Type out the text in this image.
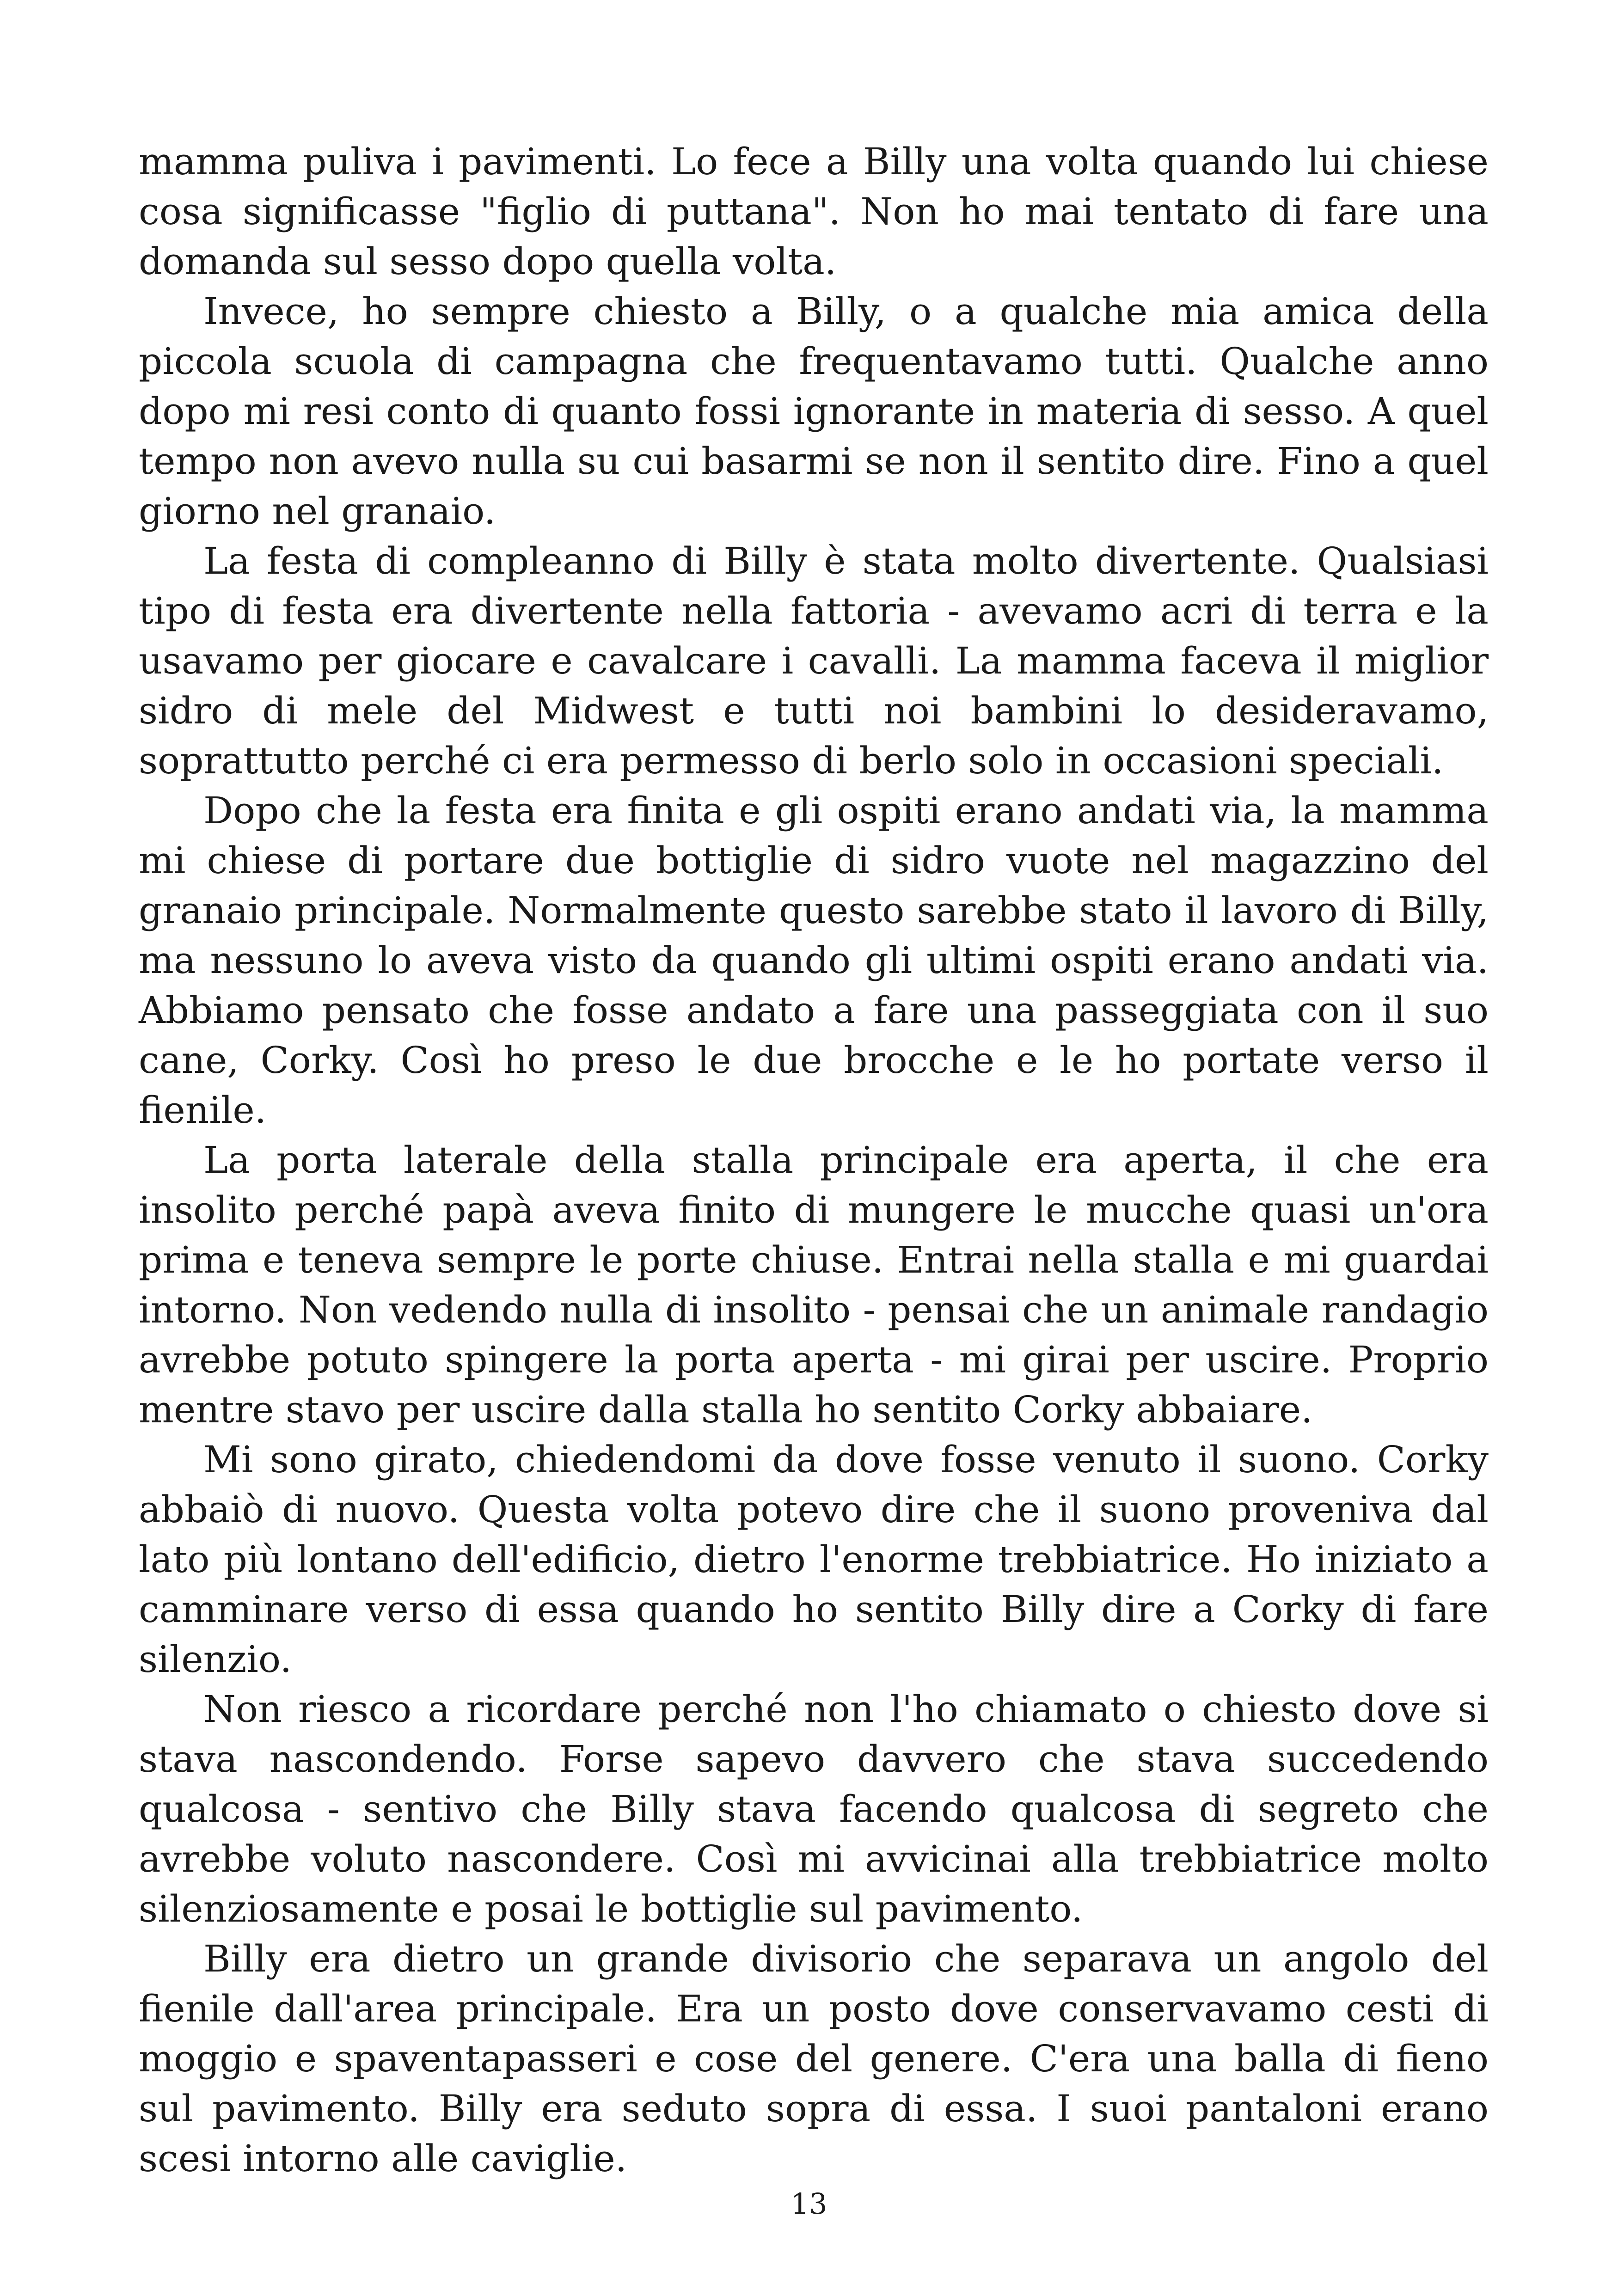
mamma puliva i pavimenti. Lo fece a Billy una volta quando lui chiese cosa significasse "figlio di puttana". Non ho mai tentato di fare una domanda sul sesso dopo quella volta.

Invece, ho sempre chiesto a Billy, o a qualche mia amica della piccola scuola di campagna che frequentavamo tutti. Qualche anno dopo mi resi conto di quanto fossi ignorante in materia di sesso. A quel tempo non avevo nulla su cui basarmi se non il sentito dire. Fino a quel giorno nel granaio.

La festa di compleanno di Billy è stata molto divertente. Qualsiasi tipo di festa era divertente nella fattoria - avevamo acri di terra e la usavamo per giocare e cavalcare i cavalli. La mamma faceva il miglior sidro di mele del Midwest e tutti noi bambini lo desideravamo, soprattutto perché ci era permesso di berlo solo in occasioni speciali.

Dopo che la festa era finita e gli ospiti erano andati via, la mamma mi chiese di portare due bottiglie di sidro vuote nel magazzino del granaio principale. Normalmente questo sarebbe stato il lavoro di Billy, ma nessuno lo aveva visto da quando gli ultimi ospiti erano andati via. Abbiamo pensato che fosse andato a fare una passeggiata con il suo cane, Corky. Così ho preso le due brocche e le ho portate verso il fienile.

La porta laterale della stalla principale era aperta, il che era insolito perché papà aveva finito di mungere le mucche quasi un'ora prima e teneva sempre le porte chiuse. Entrai nella stalla e mi guardai intorno. Non vedendo nulla di insolito - pensai che un animale randagio avrebbe potuto spingere la porta aperta - mi girai per uscire. Proprio mentre stavo per uscire dalla stalla ho sentito Corky abbaiare.

Mi sono girato, chiedendomi da dove fosse venuto il suono. Corky abbaiò di nuovo. Questa volta potevo dire che il suono proveniva dal lato più lontano dell'edificio, dietro l'enorme trebbiatrice. Ho iniziato a camminare verso di essa quando ho sentito Billy dire a Corky di fare silenzio.

Non riesco a ricordare perché non l'ho chiamato o chiesto dove si stava nascondendo. Forse sapevo davvero che stava succedendo qualcosa - sentivo che Billy stava facendo qualcosa di segreto che avrebbe voluto nascondere. Così mi avvicinai alla trebbiatrice molto silenziosamente e posai le bottiglie sul pavimento.

Billy era dietro un grande divisorio che separava un angolo del fienile dall'area principale. Era un posto dove conservavamo cesti di moggio e spaventapasseri e cose del genere. C'era una balla di fieno sul pavimento. Billy era seduto sopra di essa. I suoi pantaloni erano scesi intorno alle caviglie.

13
